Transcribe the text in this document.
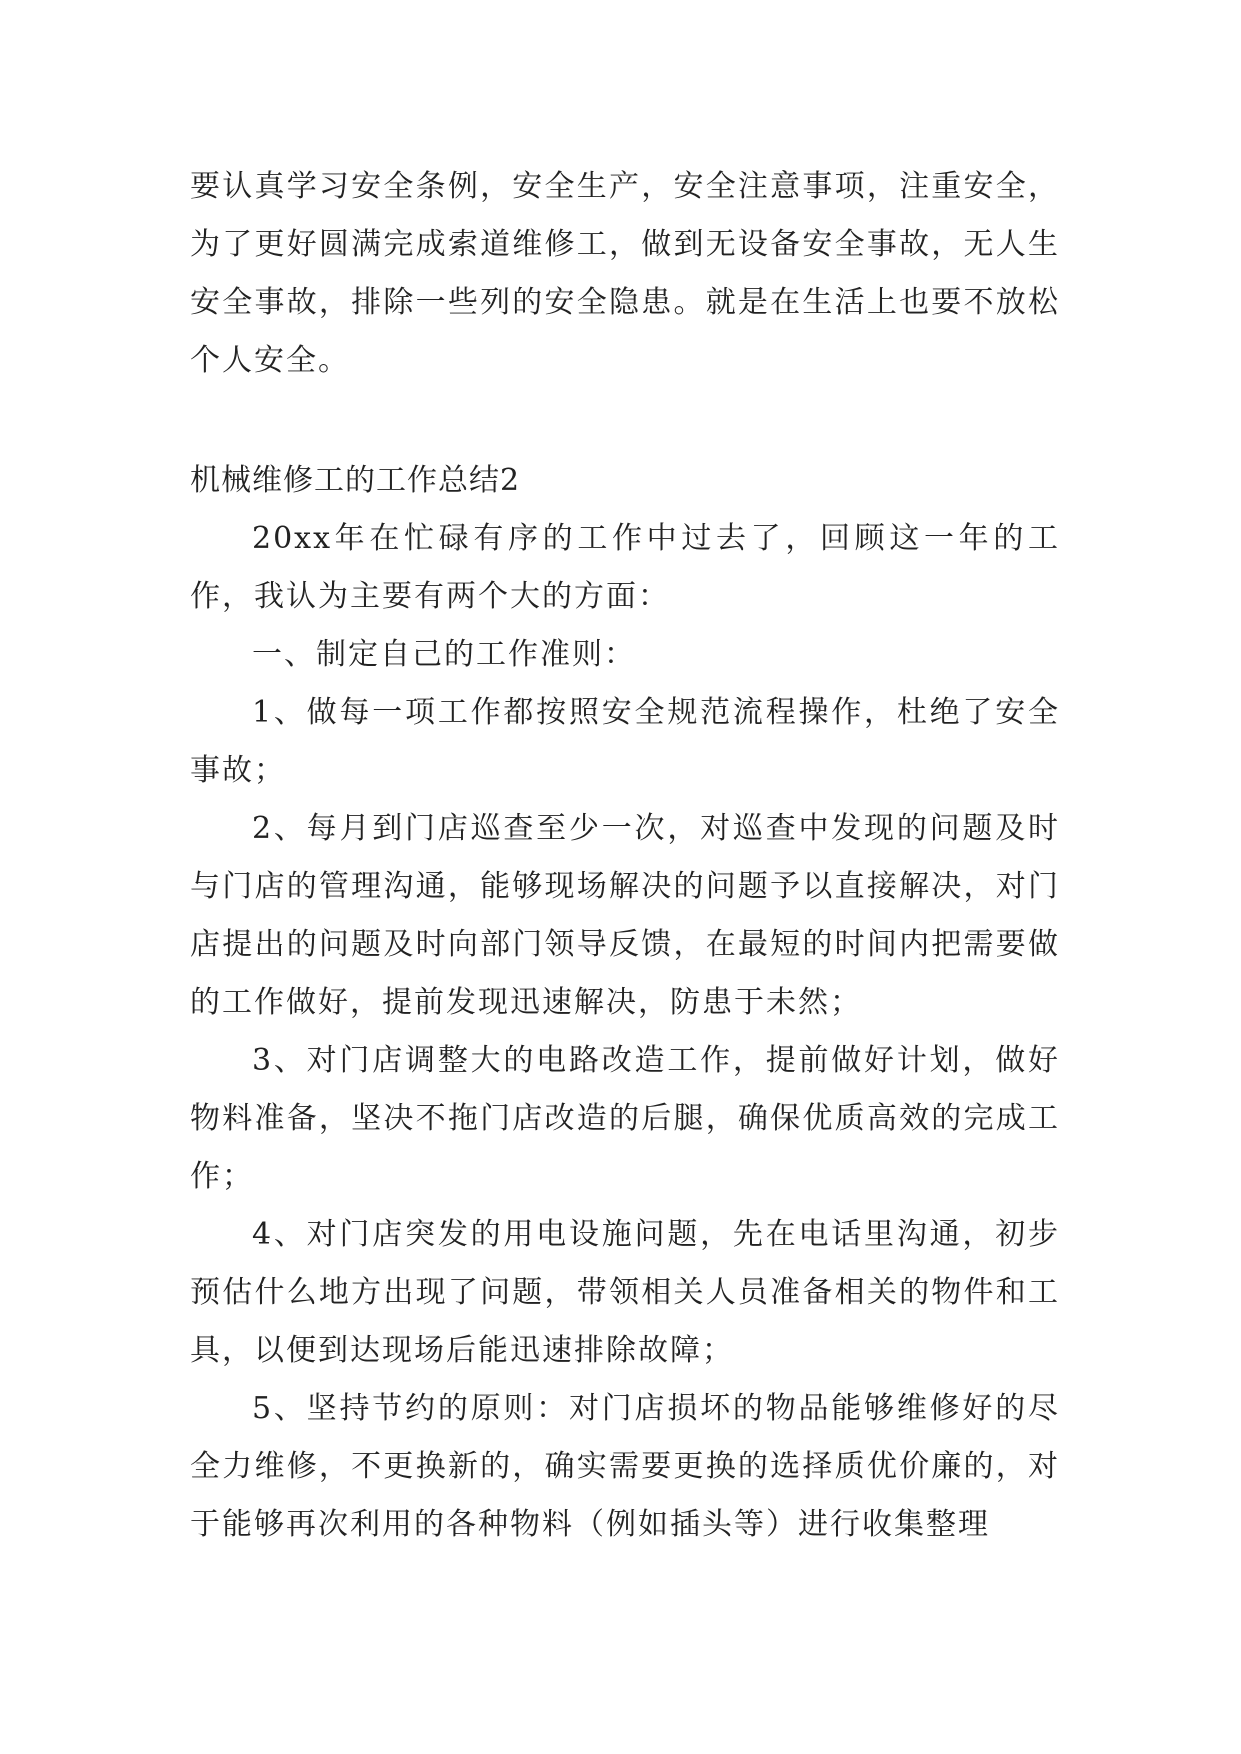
要认真学习安全条例，安全生产，安全注意事项，注重安全，为了更好圆满完成索道维修工，做到无设备安全事故，无人生安全事故，排除一些列的安全隐患。就是在生活上也要不放松个人安全。

机械维修工的工作总结2

20xx年在忙碌有序的工作中过去了，回顾这一年的工作，我认为主要有两个大的方面：

一、制定自己的工作准则：

1、做每一项工作都按照安全规范流程操作，杜绝了安全事故；

2、每月到门店巡查至少一次，对巡查中发现的问题及时与门店的管理沟通，能够现场解决的问题予以直接解决，对门店提出的问题及时向部门领导反馈，在最短的时间内把需要做的工作做好，提前发现迅速解决，防患于未然；

3、对门店调整大的电路改造工作，提前做好计划，做好物料准备，坚决不拖门店改造的后腿，确保优质高效的完成工作；

4、对门店突发的用电设施问题，先在电话里沟通，初步预估什么地方出现了问题，带领相关人员准备相关的物件和工具，以便到达现场后能迅速排除故障；

5、坚持节约的原则：对门店损坏的物品能够维修好的尽全力维修，不更换新的，确实需要更换的选择质优价廉的，对于能够再次利用的各种物料（例如插头等）进行收集整理
